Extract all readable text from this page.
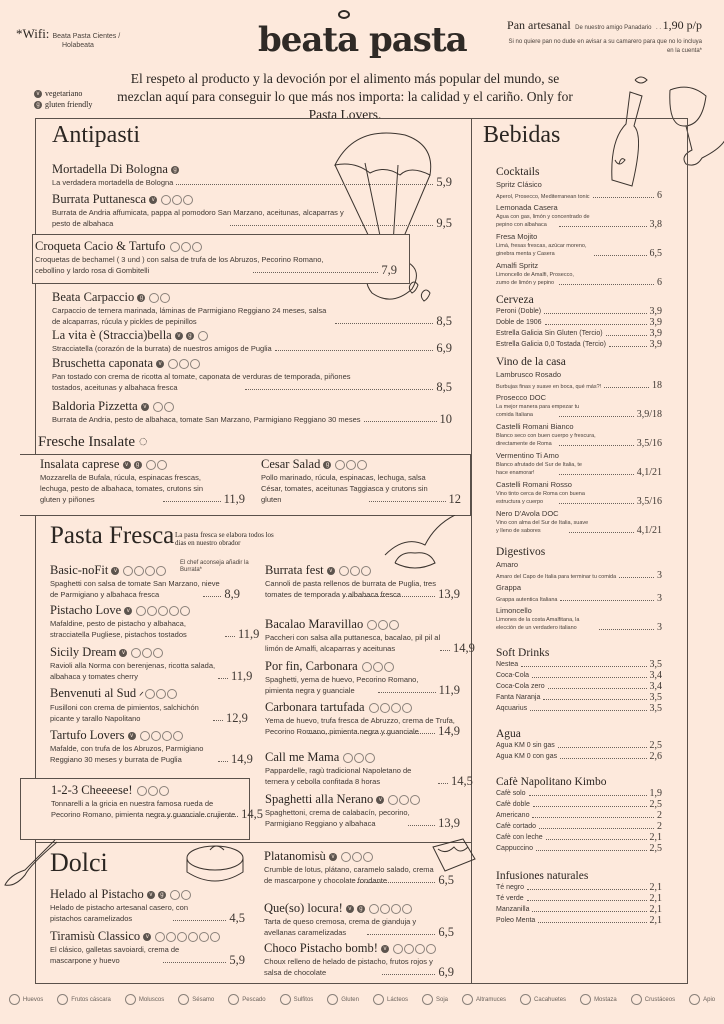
*Wifi: Beata Pasta Cientes /
Holabeata	beata pasta	Pan artesanal De nuestro amigo Panadario . . 1,90 p/p
Si no quiere pan no dude en avisar a su camarero para que no lo incluya en la cuenta*
El respeto al producto y la devoción por el alimento más popular del mundo, se mezclan aquí para conseguir lo que más nos importa: la calidad y el cariño. Only for Pasta Lovers.
v vegetariano
g gluten friendly
Antipasti
Mortadella Di Bologna g
La verdadera mortadella de Bologna	5,9
Burrata Puttanesca v
Burrata de Andria affumicata, pappa al pomodoro San Marzano, aceitunas, alcaparras y pesto de albahaca	9,5
Croqueta Cacio & Tartufo
Croquetas de bechamel ( 3 und ) con salsa de trufa de los Abruzos, Pecorino Romano, cebollino y lardo rosa di Gombitelli	7,9
Beata Carpaccio g
Carpaccio de ternera marinada, láminas de Parmigiano Reggiano 24 meses, salsa de alcaparras, rúcula y pickles de pepinillos	8,5
La vita è (Straccia)bella v g
Stracciatella (corazón de la burrata) de nuestros amigos de Puglia	6,9
Bruschetta caponata v
Pan tostado con crema de ricotta al tomate, caponata de verduras de temporada, piñones tostados, aceitunas y albahaca fresca	8,5
Baldoria Pizzetta v
Burrata de Andria, pesto de albahaca, tomate San Marzano, Parmigiano Reggiano 30 meses	10
Fresche Insalate ◌
Insalata caprese v g
Mozzarella de Bufala, rúcula, espinacas frescas, lechuga, pesto de albahaca, tomates, crutons sin gluten y piñones	11,9
Cesar Salad g
Pollo marinado, rúcula, espinacas, lechuga, salsa César, tomates, aceitunas Taggiasca y crutons sin gluten	12
Pasta Fresca La pasta fresca se elabora todos los dias en nuestro obrador
Basic-noFit v
Spaghetti con salsa de tomate San Marzano, nieve de Parmigiano y albahaca fresca	8,9
El chef aconseja añadir la Burrata*
Pistacho Love v
Mafaldine, pesto de pistacho y albahaca, stracciatella Pugliese, pistachos tostados	11,9
Sicily Dream v
Ravioli alla Norma con berenjenas, ricotta salada, albahaca y tomates cherry	11,9
Benvenuti al Sud 𝄍
Fusilloni con crema de pimientos, salchichón picante y tarallo Napolitano	12,9
Tartufo Lovers v
Mafalde, con trufa de los Abruzos, Parmigiano Reggiano 30 meses y burrata de Puglia	14,9
Burrata fest v
Cannoli de pasta rellenos de burrata de Puglia, tres tomates de temporada y albahaca fresca	13,9
Bacalao Maravillao
Paccheri con salsa alla puttanesca, bacalao, pil pil al limón de Amalfi, alcaparras y aceitunas	14,9
Por fin, Carbonara
Spaghetti, yema de huevo, Pecorino Romano, pimienta negra y guanciale	11,9
Carbonara tartufada
Yema de huevo, trufa fresca de Abruzzo, crema de Trufa, Pecorino Romano, pimienta negra y guanciale	14,9
Call me Mama
Pappardelle, ragù tradicional Napoletano de ternera y cebolla confitada 8 horas	14,5
Spaghetti alla Nerano v
Spaghettoni, crema de calabacín, pecorino, Parmigiano Reggiano y albahaca	13,9
1-2-3 Cheeeese!
Tonnarelli a la gricia en nuestra famosa rueda de Pecorino Romano, pimienta negra y guanciale crujiente 14,5
Dolci
Helado al Pistacho v g
Helado de pistacho artesanal casero, con pistachos caramelizados	4,5
Tiramisù Classico v
El clásico, galletas savoiardi, crema de mascarpone y huevo	5,9
Platanomisù v
Crumble de lotus, plátano, caramelo salado, crema de mascarpone y chocolate fondante	6,5
Que(so) locura! v g
Tarta de queso cremosa, crema de gianduja y avellanas caramelizadas	6,5
Choco Pistacho bomb! v
Choux relleno de helado de pistacho, frutos rojos y salsa de chocolate	6,9
Bebidas
Cocktails
Spritz Clásico
Aperol, Prosecco, Mediterranean tonic	6
Lemonada Casera
Agua con gas, limón y concentrado de pepino con albahaca	3,8
Fresa Mojito
Limá, fresas frescas, azúcar moreno, ginebra menta y Casera	6,5
Amalfi Spritz
Limoncello de Amalfi, Prosecco, zumo de limón y pepino	6
Cerveza
Peroni (Doble)	3,9
Doble de 1906	3,9
Estrella Galicia Sin Gluten (Tercio)	3,9
Estrella Galicia 0,0 Tostada (Tercio)	3,9
Vino de la casa
Lambrusco Rosado
Burbujas finas y suave en boca, qué más?!	18
Prosecco DOC
La mejor manera para empezar tu comida Italiana	3,9/18
Castelli Romani Bianco
Blanco seco con buen cuerpo y frescura, directamente de Roma	3,5/16
Vermentino Ti Amo
Blanco afrutado del Sur de Italia, te hace enamorar!	4,1/21
Castelli Romani Rosso
Vino tinto cerca de Roma con buena estructura y cuerpo	3,5/16
Nero D'Avola DOC
Vino con alma del Sur de Italia, suave y lleno de sabores	4,1/21
Digestivos
Amaro
Amaro del Capo de Italia para terminar tu comida	3
Grappa
Grappa autentica Italiana	3
Limoncello
Limones de la costa Amalfitana, la elección de un verdadero italiano	3
Soft Drinks
Nestea	3,5
Coca-Cola	3,4
Coca-Cola zero	3,4
Fanta Naranja	3,5
Aqcuarius	3,5
Agua
Agua KM 0 sin gas	2,5
Agua KM 0 con gas	2,6
Cafè Napolitano Kimbo
Cafè solo	1,9
Cafè doble	2,5
Americano	2
Cafè cortado	2
Cafè con leche	2,1
Cappuccino	2,5
Infusiones naturales
Té negro	2,1
Té verde	2,1
Manzanilla	2,1
Poleo Menta	2,1
Huevos	Frutos cáscara	Moluscos	Sésamo	Pescado	Sulfitos	Gluten	Lácteos	Soja	Altramuces	Cacahuetes	Mostaza	Crustáceos	Apio
